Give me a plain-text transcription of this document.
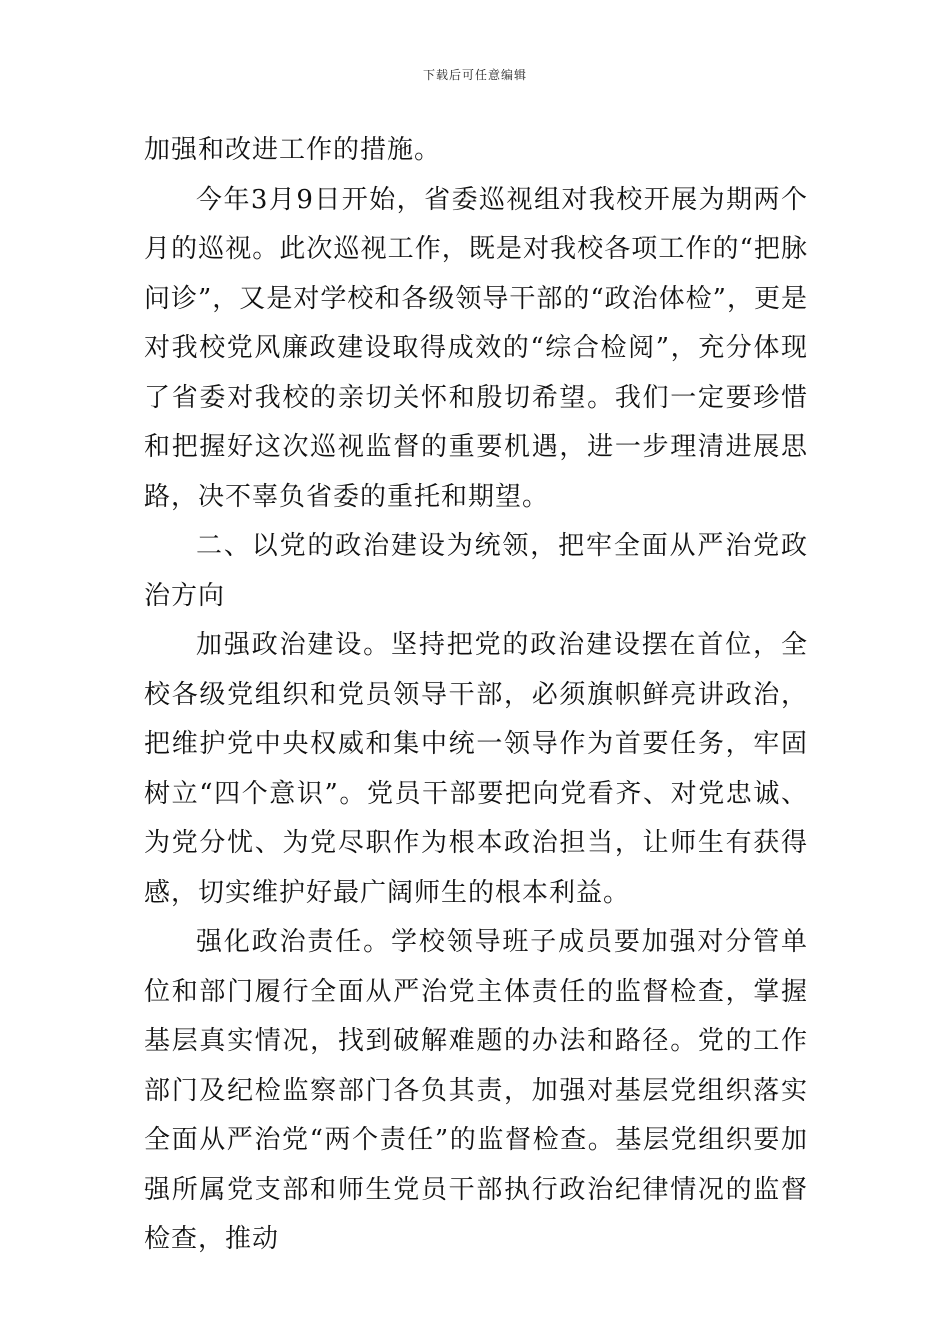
下载后可任意编辑

加强和改进工作的措施。

今年3月9日开始，省委巡视组对我校开展为期两个月的巡视。此次巡视工作，既是对我校各项工作的“把脉问诊”，又是对学校和各级领导干部的“政治体检”，更是对我校党风廉政建设取得成效的“综合检阅”，充分体现了省委对我校的亲切关怀和殷切希望。我们一定要珍惜和把握好这次巡视监督的重要机遇，进一步理清进展思路，决不辜负省委的重托和期望。

二、以党的政治建设为统领，把牢全面从严治党政治方向

加强政治建设。坚持把党的政治建设摆在首位，全校各级党组织和党员领导干部，必须旗帜鲜亮讲政治，把维护党中央权威和集中统一领导作为首要任务，牢固树立“四个意识”。党员干部要把向党看齐、对党忠诚、为党分忧、为党尽职作为根本政治担当，让师生有获得感，切实维护好最广阔师生的根本利益。

强化政治责任。学校领导班子成员要加强对分管单位和部门履行全面从严治党主体责任的监督检查，掌握基层真实情况，找到破解难题的办法和路径。党的工作部门及纪检监察部门各负其责，加强对基层党组织落实全面从严治党“两个责任”的监督检查。基层党组织要加强所属党支部和师生党员干部执行政治纪律情况的监督检查，推动
